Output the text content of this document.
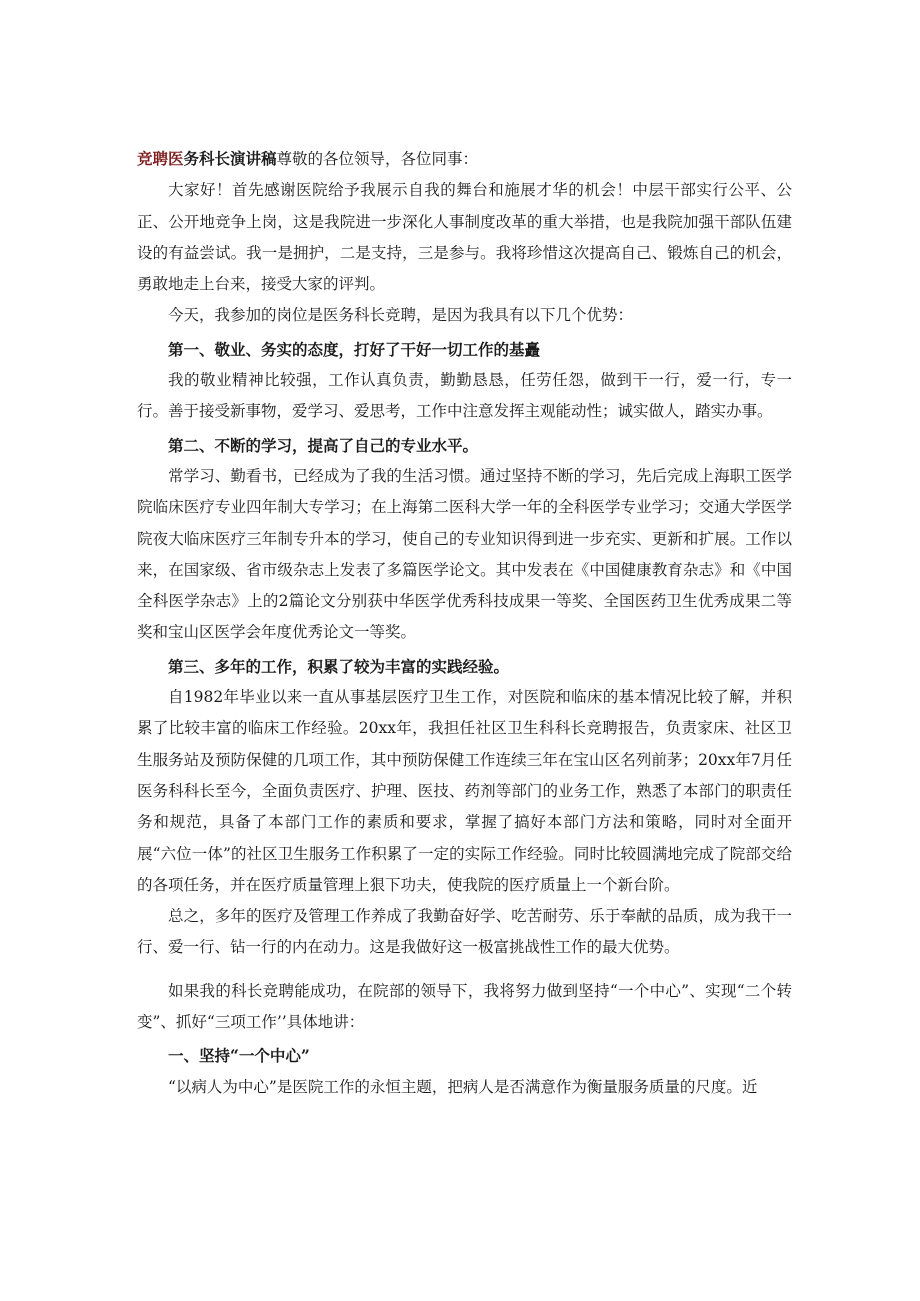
竞聘医务科长演讲稿尊敬的各位领导，各位同事：

大家好！首先感谢医院给予我展示自我的舞台和施展才华的机会！中层干部实行公平、公正、公开地竞争上岗，这是我院进一步深化人事制度改革的重大举措，也是我院加强干部队伍建设的有益尝试。我一是拥护，二是支持，三是参与。我将珍惜这次提高自己、锻炼自己的机会，勇敢地走上台来，接受大家的评判。

今天，我参加的岗位是医务科长竞聘，是因为我具有以下几个优势：

第一、敬业、务实的态度，打好了干好一切工作的基矗

我的敬业精神比较强，工作认真负责，勤勤恳恳，任劳任怨，做到干一行，爱一行，专一行。善于接受新事物，爱学习、爱思考，工作中注意发挥主观能动性；诚实做人，踏实办事。

第二、不断的学习，提高了自己的专业水平。

常学习、勤看书，已经成为了我的生活习惯。通过坚持不断的学习，先后完成上海职工医学院临床医疗专业四年制大专学习；在上海第二医科大学一年的全科医学专业学习；交通大学医学院夜大临床医疗三年制专升本的学习，使自己的专业知识得到进一步充实、更新和扩展。工作以来，在国家级、省市级杂志上发表了多篇医学论文。其中发表在《中国健康教育杂志》和《中国全科医学杂志》上的2篇论文分别获中华医学优秀科技成果一等奖、全国医药卫生优秀成果二等奖和宝山区医学会年度优秀论文一等奖。

第三、多年的工作，积累了较为丰富的实践经验。

自1982年毕业以来一直从事基层医疗卫生工作，对医院和临床的基本情况比较了解，并积累了比较丰富的临床工作经验。20xx年，我担任社区卫生科科长竞聘报告，负责家床、社区卫生服务站及预防保健的几项工作，其中预防保健工作连续三年在宝山区名列前茅；20xx年7月任医务科科长至今，全面负责医疗、护理、医技、药剂等部门的业务工作，熟悉了本部门的职责任务和规范，具备了本部门工作的素质和要求，掌握了搞好本部门方法和策略，同时对全面开展“六位一体”的社区卫生服务工作积累了一定的实际工作经验。同时比较圆满地完成了院部交给的各项任务，并在医疗质量管理上狠下功夫，使我院的医疗质量上一个新台阶。

总之，多年的医疗及管理工作养成了我勤奋好学、吃苦耐劳、乐于奉献的品质，成为我干一行、爱一行、钻一行的内在动力。这是我做好这一极富挑战性工作的最大优势。

如果我的科长竞聘能成功，在院部的领导下，我将努力做到坚持“一个中心”、实现“二个转变”、抓好“三项工作’’具体地讲：

一、坚持“一个中心”

“以病人为中心”是医院工作的永恒主题，把病人是否满意作为衡量服务质量的尺度。近
